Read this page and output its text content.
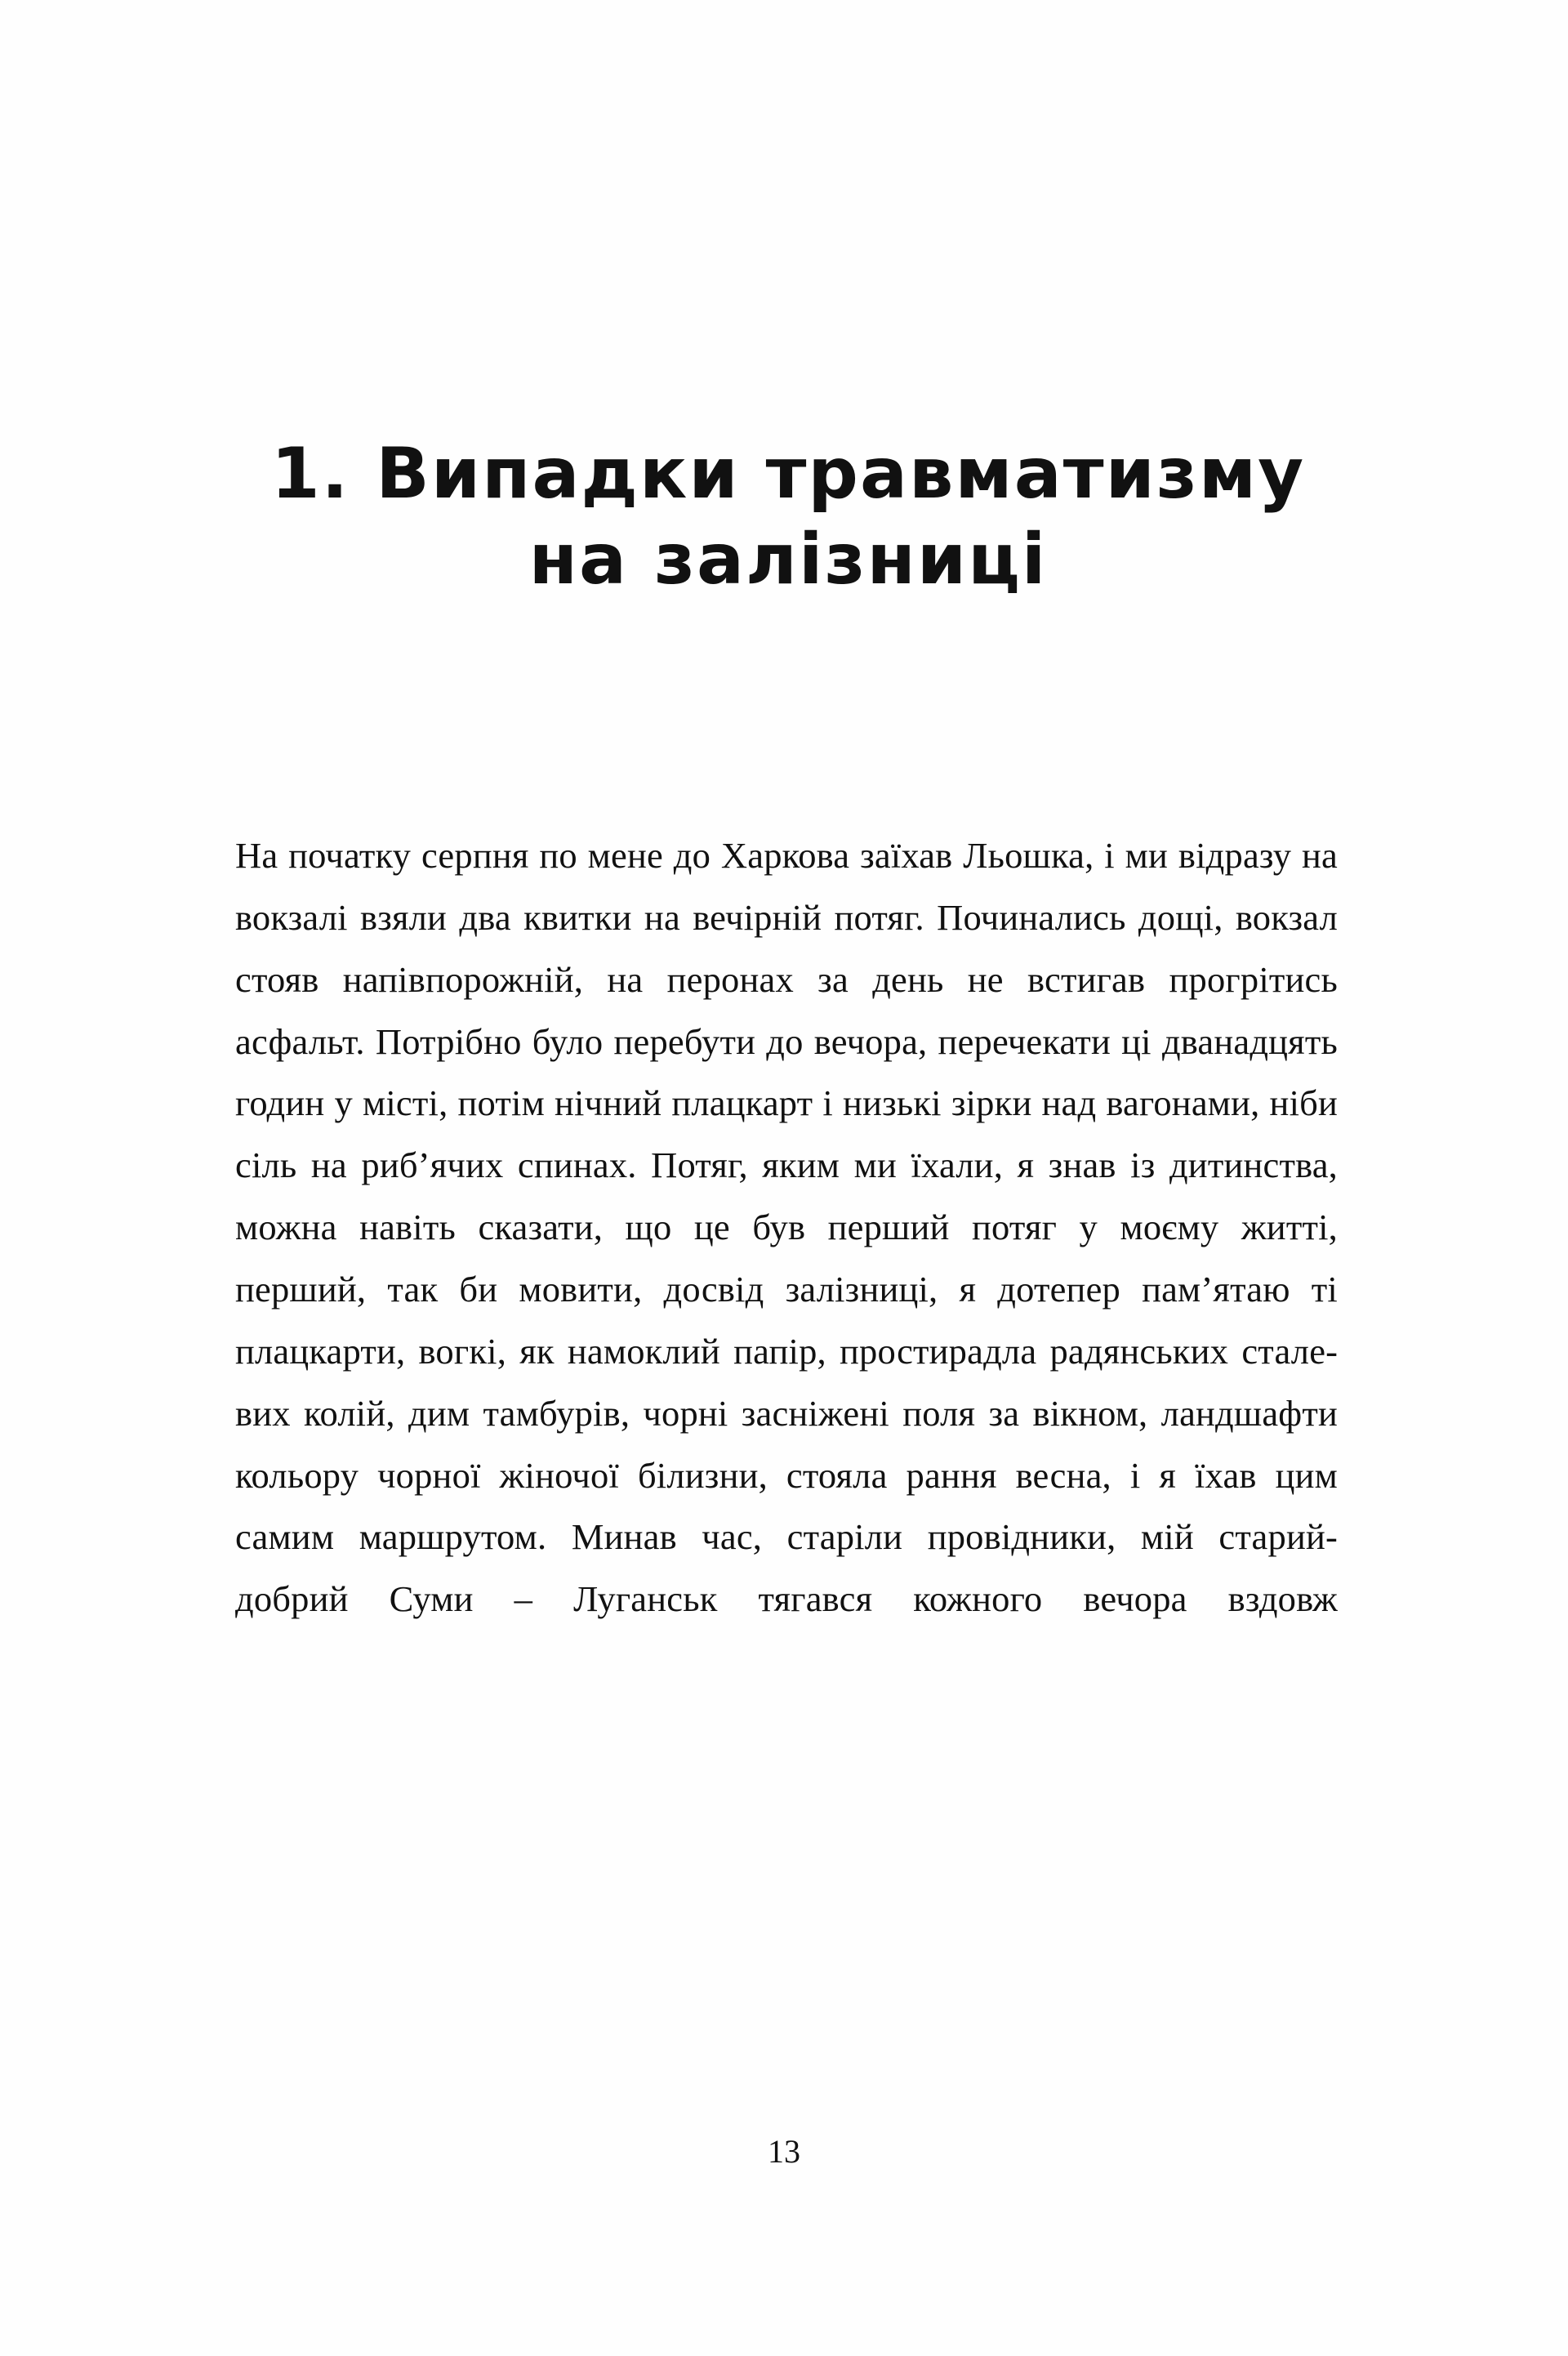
1. Випадки травматизму
на залізниці

На початку серпня по мене до Харкова заїхав Льошка, і ми відразу на вокзалі взяли два квитки на вечірній потяг. Починались дощі, вокзал стояв напівпорожній, на перонах за день не встигав прогрітись асфальт. Потрібно було перебути до вечора, перечекати ці дванадцять годин у місті, потім нічний плацкарт і низькі зірки над вагонами, ніби сіль на риб’ячих спинах. Потяг, яким ми їхали, я знав із дитинства, можна навіть сказати, що це був перший потяг у моєму житті, перший, так би мовити, досвід залізниці, я дотепер пам’ятаю ті плацкарти, вогкі, як намоклий папір, простирадла радянських сталевих колій, дим тамбурів, чорні засніжені поля за вікном, ландшафти кольору чорної жіночої білизни, стояла рання весна, і я їхав цим самим маршрутом. Минав час, старіли провідники, мій старий-добрий Суми – Луганськ тягався кожного вечора вздовж

13
